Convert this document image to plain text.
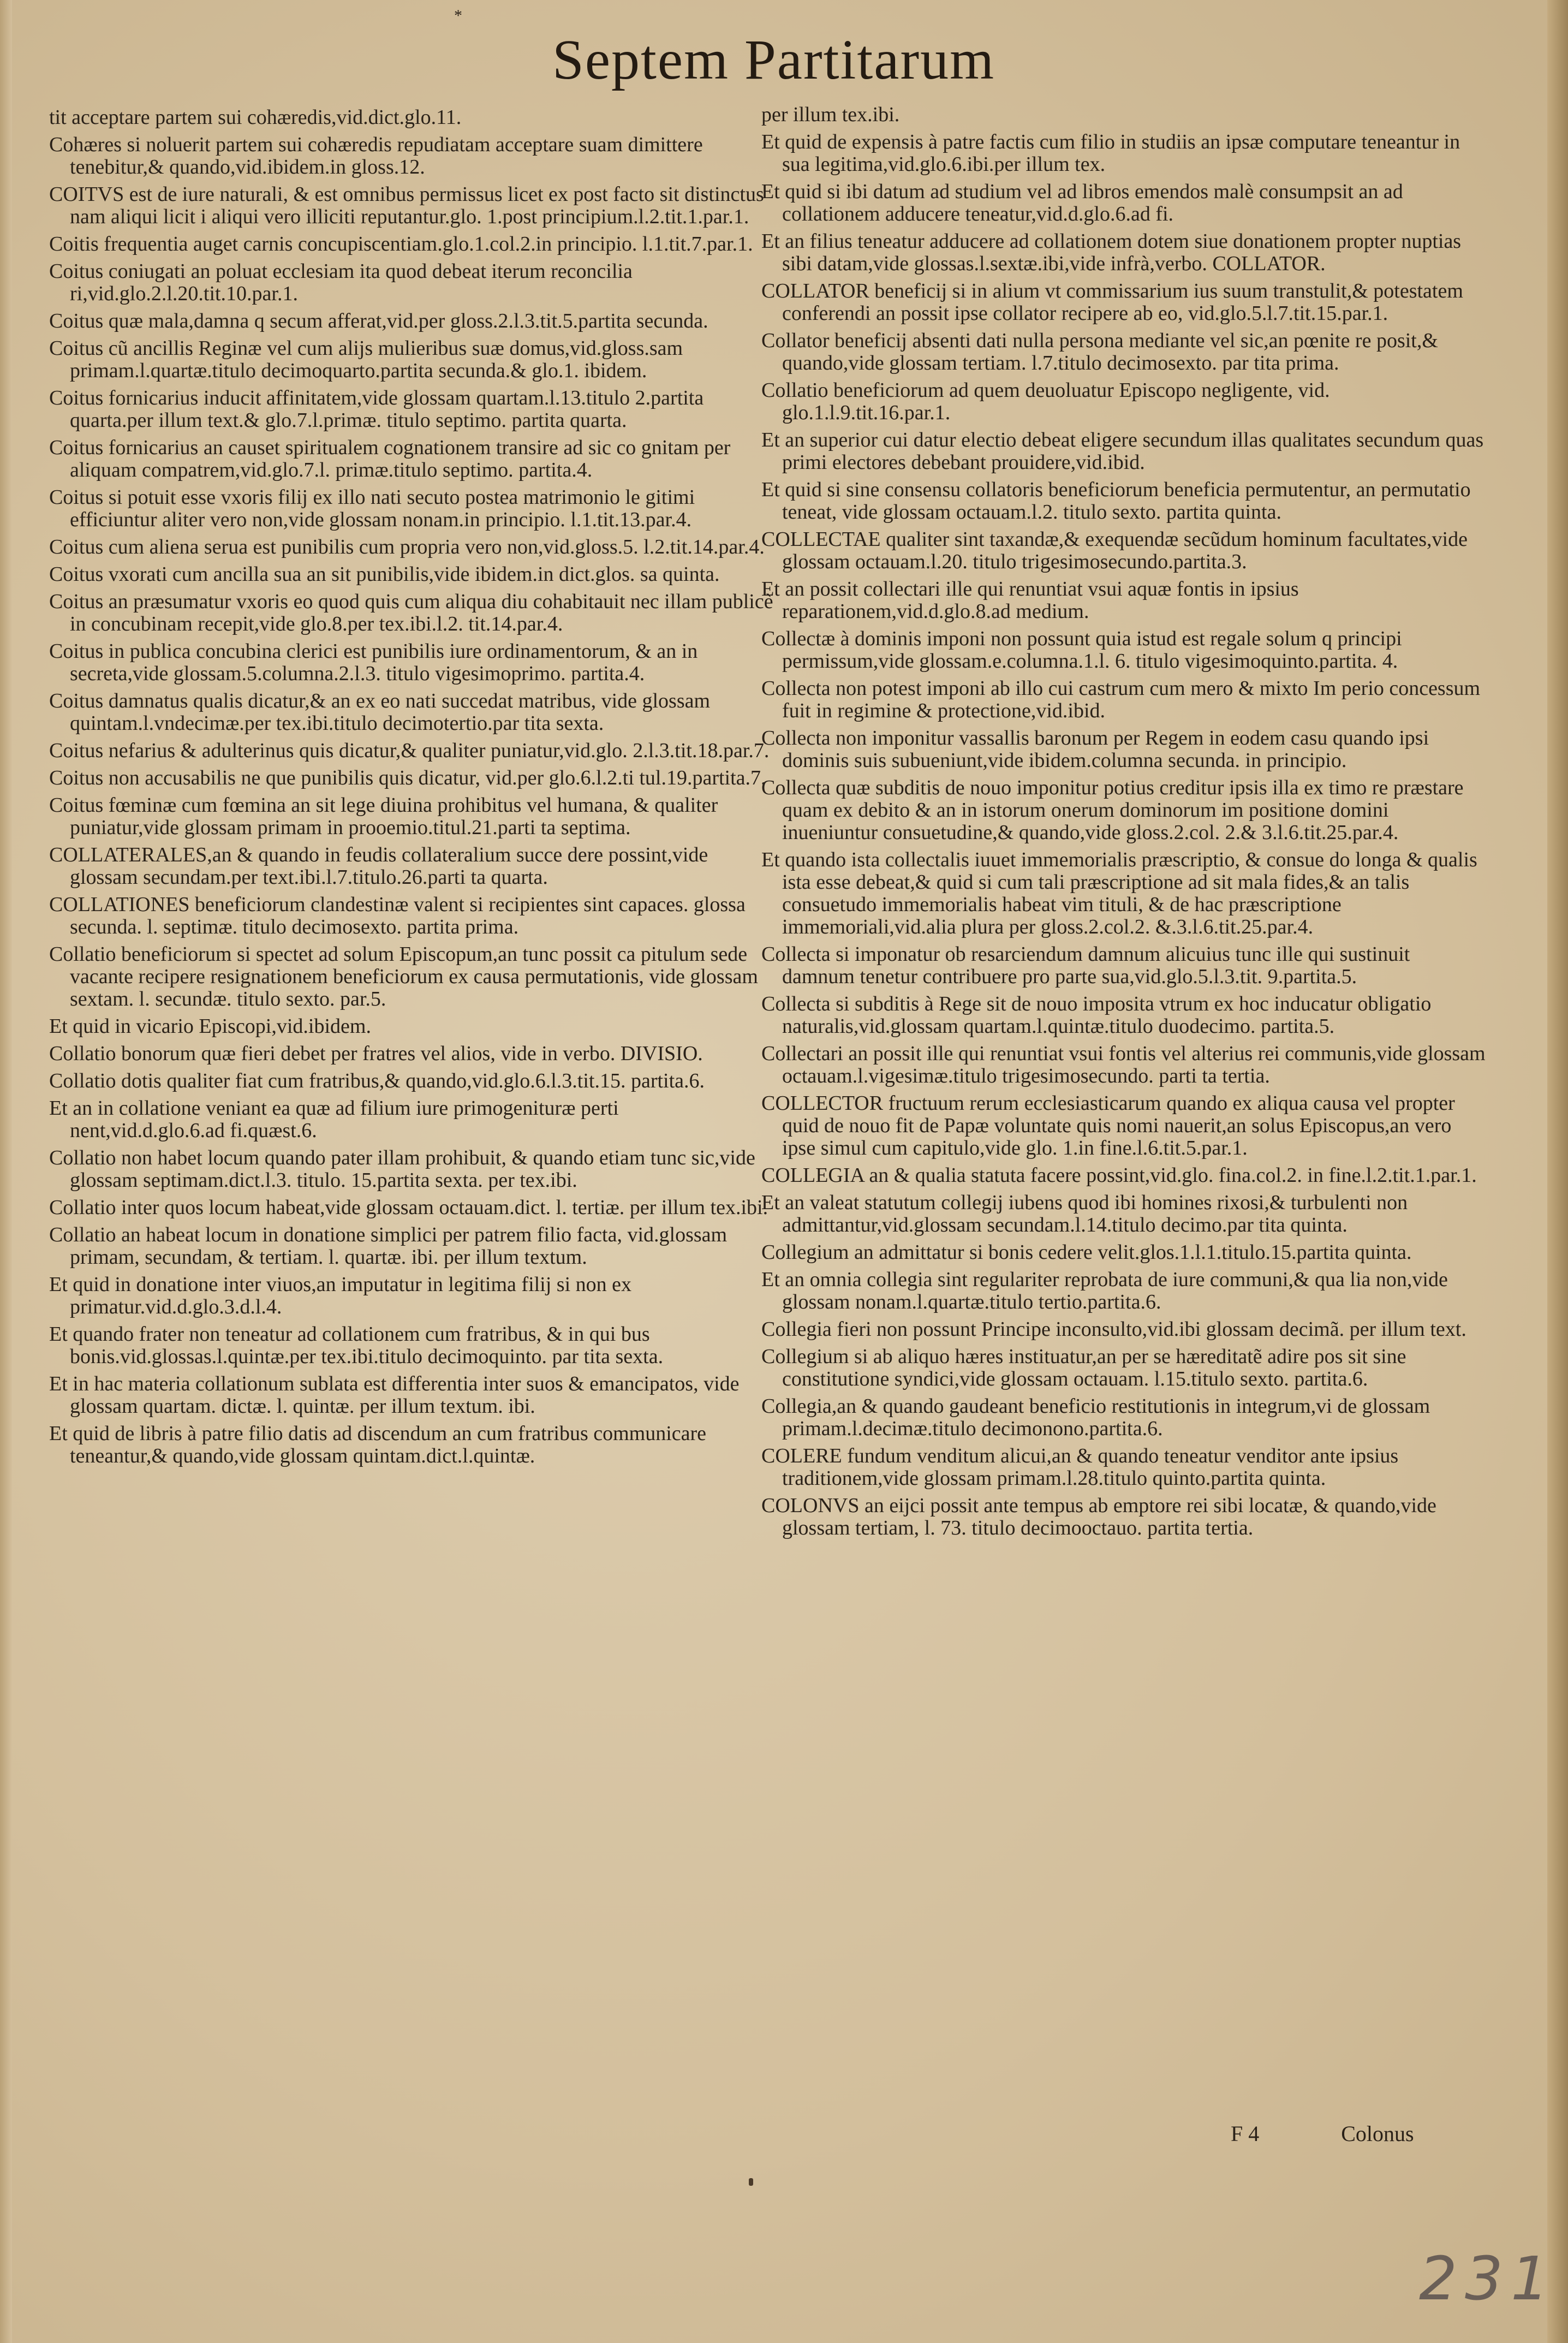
*
Septem Partitarum
tit acceptare partem sui cohæredis,vid.dict.glo.11.
Cohæres si noluerit partem sui cohæredis repudiatam acceptare suam dimittere tenebitur,& quando,vid.ibidem.in gloss.12.
COITVS est de iure naturali, & est omnibus permissus licet ex post facto sit distinctus nam aliqui licit i aliqui vero illiciti reputantur.glo. 1.post principium.l.2.tit.1.par.1.
Coitis frequentia auget carnis concupiscentiam.glo.1.col.2.in principio. l.1.tit.7.par.1.
Coitus coniugati an poluat ecclesiam ita quod debeat iterum reconcilia ri,vid.glo.2.l.20.tit.10.par.1.
Coitus quæ mala,damna q secum afferat,vid.per gloss.2.l.3.tit.5.partita secunda.
Coitus cũ ancillis Reginæ vel cum alijs mulieribus suæ domus,vid.gloss.sam primam.l.quartæ.titulo decimoquarto.partita secunda.& glo.1. ibidem.
Coitus fornicarius inducit affinitatem,vide glossam quartam.l.13.titulo 2.partita quarta.per illum text.& glo.7.l.primæ. titulo septimo. partita quarta.
Coitus fornicarius an causet spiritualem cognationem transire ad sic co gnitam per aliquam compatrem,vid.glo.7.l. primæ.titulo septimo. partita.4.
Coitus si potuit esse vxoris filij ex illo nati secuto postea matrimonio le gitimi efficiuntur aliter vero non,vide glossam nonam.in principio. l.1.tit.13.par.4.
Coitus cum aliena serua est punibilis cum propria vero non,vid.gloss.5. l.2.tit.14.par.4.
Coitus vxorati cum ancilla sua an sit punibilis,vide ibidem.in dict.glos. sa quinta.
Coitus an præsumatur vxoris eo quod quis cum aliqua diu cohabitauit nec illam publicè in concubinam recepit,vide glo.8.per tex.ibi.l.2. tit.14.par.4.
Coitus in publica concubina clerici est punibilis iure ordinamentorum, & an in secreta,vide glossam.5.columna.2.l.3. titulo vigesimoprimo. partita.4.
Coitus damnatus qualis dicatur,& an ex eo nati succedat matribus, vide glossam quintam.l.vndecimæ.per tex.ibi.titulo decimotertio.par tita sexta.
Coitus nefarius & adulterinus quis dicatur,& qualiter puniatur,vid.glo. 2.l.3.tit.18.par.7.
Coitus non accusabilis ne que punibilis quis dicatur, vid.per glo.6.l.2.ti tul.19.partita.7.
Coitus fœminæ cum fœmina an sit lege diuina prohibitus vel humana, & qualiter puniatur,vide glossam primam in prooemio.titul.21.parti ta septima.
COLLATERALES,an & quando in feudis collateralium succe dere possint,vide glossam secundam.per text.ibi.l.7.titulo.26.parti ta quarta.
COLLATIONES beneficiorum clandestinæ valent si recipientes sint capaces. glossa secunda. l. septimæ. titulo decimosexto. partita prima.
Collatio beneficiorum si spectet ad solum Episcopum,an tunc possit ca pitulum sede vacante recipere resignationem beneficiorum ex causa permutationis, vide glossam sextam. l. secundæ. titulo sexto. par.5.
Et quid in vicario Episcopi,vid.ibidem.
Collatio bonorum quæ fieri debet per fratres vel alios, vide in verbo. DIVISIO.
Collatio dotis qualiter fiat cum fratribus,& quando,vid.glo.6.l.3.tit.15. partita.6.
Et an in collatione veniant ea quæ ad filium iure primogenituræ perti nent,vid.d.glo.6.ad fi.quæst.6.
Collatio non habet locum quando pater illam prohibuit, & quando etiam tunc sic,vide glossam septimam.dict.l.3. titulo. 15.partita sexta. per tex.ibi.
Collatio inter quos locum habeat,vide glossam octauam.dict. l. tertiæ. per illum tex.ibi.
Collatio an habeat locum in donatione simplici per patrem filio facta, vid.glossam primam, secundam, & tertiam. l. quartæ. ibi. per illum textum.
Et quid in donatione inter viuos,an imputatur in legitima filij si non ex primatur.vid.d.glo.3.d.l.4.
Et quando frater non teneatur ad collationem cum fratribus, & in qui bus bonis.vid.glossas.l.quintæ.per tex.ibi.titulo decimoquinto. par tita sexta.
Et in hac materia collationum sublata est differentia inter suos & emancipatos, vide glossam quartam. dictæ. l. quintæ. per illum textum. ibi.
Et quid de libris à patre filio datis ad discendum an cum fratribus communicare teneantur,& quando,vide glossam quintam.dict.l.quintæ.
per illum tex.ibi.
Et quid de expensis à patre factis cum filio in studiis an ipsæ computare teneantur in sua legitima,vid.glo.6.ibi.per illum tex.
Et quid si ibi datum ad studium vel ad libros emendos malè consumpsit an ad collationem adducere teneatur,vid.d.glo.6.ad fi.
Et an filius teneatur adducere ad collationem dotem siue donationem propter nuptias sibi datam,vide glossas.l.sextæ.ibi,vide infrà,verbo. COLLATOR.
COLLATOR beneficij si in alium vt commissarium ius suum transtulit,& potestatem conferendi an possit ipse collator recipere ab eo, vid.glo.5.l.7.tit.15.par.1.
Collator beneficij absenti dati nulla persona mediante vel sic,an pœnite re posit,& quando,vide glossam tertiam. l.7.titulo decimosexto. par tita prima.
Collatio beneficiorum ad quem deuoluatur Episcopo negligente, vid. glo.1.l.9.tit.16.par.1.
Et an superior cui datur electio debeat eligere secundum illas qualitates secundum quas primi electores debebant prouidere,vid.ibid.
Et quid si sine consensu collatoris beneficiorum beneficia permutentur, an permutatio teneat, vide glossam octauam.l.2. titulo sexto. partita quinta.
COLLECTAE qualiter sint taxandæ,& exequendæ secũdum hominum facultates,vide glossam octauam.l.20. titulo trigesimosecundo.partita.3.
Et an possit collectari ille qui renuntiat vsui aquæ fontis in ipsius reparationem,vid.d.glo.8.ad medium.
Collectæ à dominis imponi non possunt quia istud est regale solum q principi permissum,vide glossam.e.columna.1.l. 6. titulo vigesimoquinto.partita. 4.
Collecta non potest imponi ab illo cui castrum cum mero & mixto Im perio concessum fuit in regimine & protectione,vid.ibid.
Collecta non imponitur vassallis baronum per Regem in eodem casu quando ipsi dominis suis subueniunt,vide ibidem.columna secunda. in principio.
Collecta quæ subditis de nouo imponitur potius creditur ipsis illa ex timo re præstare quam ex debito & an in istorum onerum dominorum im positione domini inueniuntur consuetudine,& quando,vide gloss.2.col. 2.& 3.l.6.tit.25.par.4.
Et quando ista collectalis iuuet immemorialis præscriptio, & consue do longa & qualis ista esse debeat,& quid si cum tali præscriptione ad sit mala fides,& an talis consuetudo immemorialis habeat vim tituli, & de hac præscriptione immemoriali,vid.alia plura per gloss.2.col.2. &.3.l.6.tit.25.par.4.
Collecta si imponatur ob resarciendum damnum alicuius tunc ille qui sustinuit damnum tenetur contribuere pro parte sua,vid.glo.5.l.3.tit. 9.partita.5.
Collecta si subditis à Rege sit de nouo imposita vtrum ex hoc inducatur obligatio naturalis,vid.glossam quartam.l.quintæ.titulo duodecimo. partita.5.
Collectari an possit ille qui renuntiat vsui fontis vel alterius rei communis,vide glossam octauam.l.vigesimæ.titulo trigesimosecundo. parti ta tertia.
COLLECTOR fructuum rerum ecclesiasticarum quando ex aliqua causa vel propter quid de nouo fit de Papæ voluntate quis nomi nauerit,an solus Episcopus,an vero ipse simul cum capitulo,vide glo. 1.in fine.l.6.tit.5.par.1.
COLLEGIA an & qualia statuta facere possint,vid.glo. fina.col.2. in fine.l.2.tit.1.par.1.
Et an valeat statutum collegij iubens quod ibi homines rixosi,& turbulenti non admittantur,vid.glossam secundam.l.14.titulo decimo.par tita quinta.
Collegium an admittatur si bonis cedere velit.glos.1.l.1.titulo.15.partita quinta.
Et an omnia collegia sint regulariter reprobata de iure communi,& qua lia non,vide glossam nonam.l.quartæ.titulo tertio.partita.6.
Collegia fieri non possunt Principe inconsulto,vid.ibi glossam decimã. per illum text.
Collegium si ab aliquo hæres instituatur,an per se hæreditatẽ adire pos sit sine constitutione syndici,vide glossam octauam. l.15.titulo sexto. partita.6.
Collegia,an & quando gaudeant beneficio restitutionis in integrum,vi de glossam primam.l.decimæ.titulo decimonono.partita.6.
COLERE fundum venditum alicui,an & quando teneatur venditor ante ipsius traditionem,vide glossam primam.l.28.titulo quinto.partita quinta.
COLONVS an eijci possit ante tempus ab emptore rei sibi locatæ, & quando,vide glossam tertiam, l. 73. titulo decimooctauo. partita tertia.
F 4	Colonus
231
